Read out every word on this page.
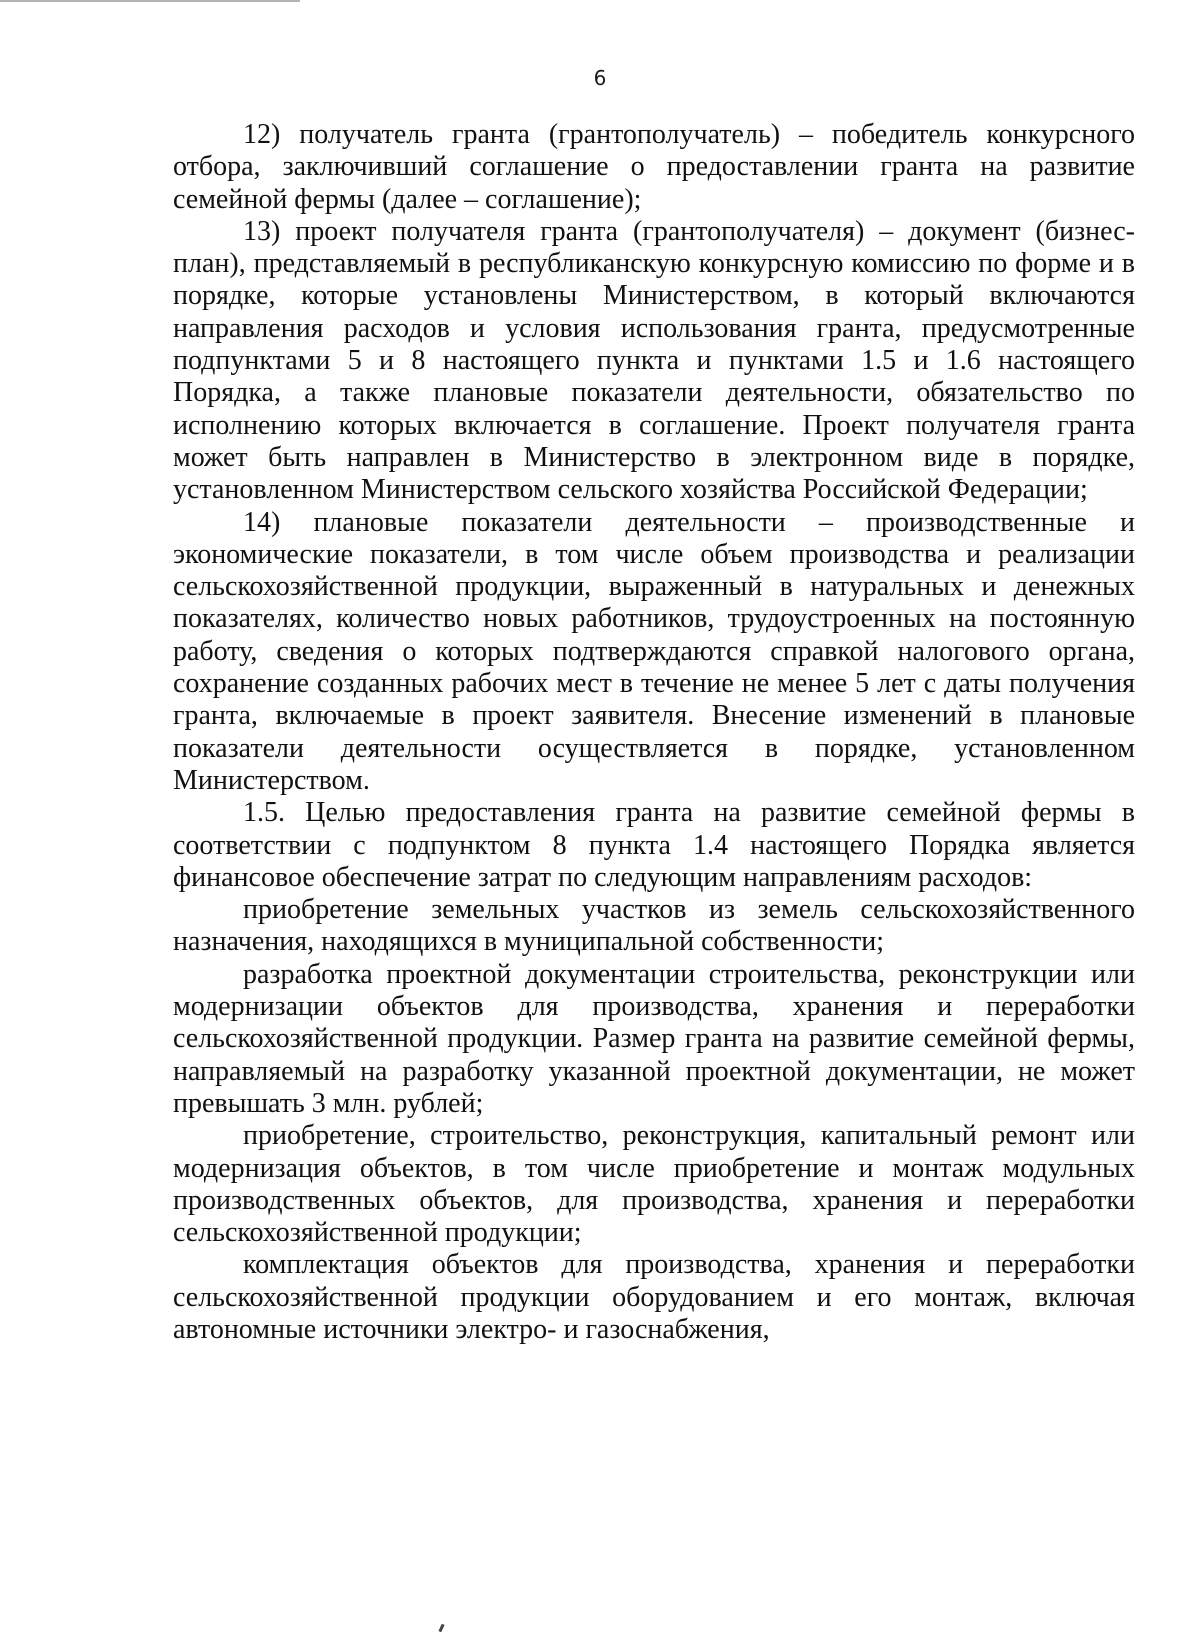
6

12) получатель гранта (грантополучатель) – победитель конкурсного отбора, заключивший соглашение о предоставлении гранта на развитие семейной фермы (далее – соглашение);

13) проект получателя гранта (грантополучателя) – документ (бизнес-план), представляемый в республиканскую конкурсную комиссию по форме и в порядке, которые установлены Министерством, в который включаются направления расходов и условия использования гранта, предусмотренные подпунктами 5 и 8 настоящего пункта и пунктами 1.5 и 1.6 настоящего Порядка, а также плановые показатели деятельности, обязательство по исполнению которых включается в соглашение. Проект получателя гранта может быть направлен в Министерство в электронном виде в порядке, установленном Министерством сельского хозяйства Российской Федерации;

14) плановые показатели деятельности – производственные и экономические показатели, в том числе объем производства и реализации сельскохозяйственной продукции, выраженный в натуральных и денежных показателях, количество новых работников, трудоустроенных на постоянную работу, сведения о которых подтверждаются справкой налогового органа, сохранение созданных рабочих мест в течение не менее 5 лет с даты получения гранта, включаемые в проект заявителя. Внесение изменений в плановые показатели деятельности осуществляется в порядке, установленном Министерством.

1.5. Целью предоставления гранта на развитие семейной фермы в соответствии с подпунктом 8 пункта 1.4 настоящего Порядка является финансовое обеспечение затрат по следующим направлениям расходов:

приобретение земельных участков из земель сельскохозяйственного назначения, находящихся в муниципальной собственности;

разработка проектной документации строительства, реконструкции или модернизации объектов для производства, хранения и переработки сельскохозяйственной продукции. Размер гранта на развитие семейной фермы, направляемый на разработку указанной проектной документации, не может превышать 3 млн. рублей;

приобретение, строительство, реконструкция, капитальный ремонт или модернизация объектов, в том числе приобретение и монтаж модульных производственных объектов, для производства, хранения и переработки сельскохозяйственной продукции;

комплектация объектов для производства, хранения и переработки сельскохозяйственной продукции оборудованием и его монтаж, включая автономные источники электро- и газоснабжения,
